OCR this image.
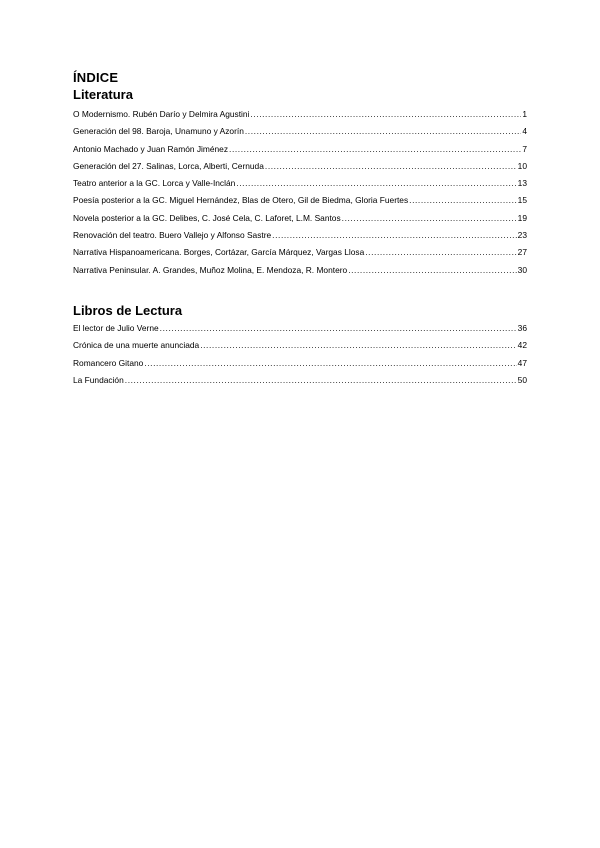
ÍNDICE
Literatura
O Modernismo. Rubén Darío y Delmira Agustini .....	1
Generación del 98. Baroja, Unamuno y Azorín .....	4
Antonio Machado y Juan Ramón Jiménez .....	7
Generación del 27. Salinas, Lorca, Alberti, Cernuda .....	10
Teatro anterior a la GC. Lorca y Valle-Inclán .....	13
Poesía posterior a la GC. Miguel Hernández, Blas de Otero, Gil de Biedma, Gloria Fuertes .....	15
Novela posterior a la GC. Delibes, C. José Cela, C. Laforet, L.M. Santos .....	19
Renovación del teatro. Buero Vallejo y Alfonso Sastre .....	23
Narrativa Hispanoamericana. Borges, Cortázar, García Márquez, Vargas Llosa .....	27
Narrativa Peninsular. A. Grandes, Muñoz Molina, E. Mendoza, R. Montero .....	30
Libros de Lectura
El lector de Julio Verne .....	36
Crónica de una muerte anunciada .....	42
Romancero Gitano .....	47
La Fundación .....	50
